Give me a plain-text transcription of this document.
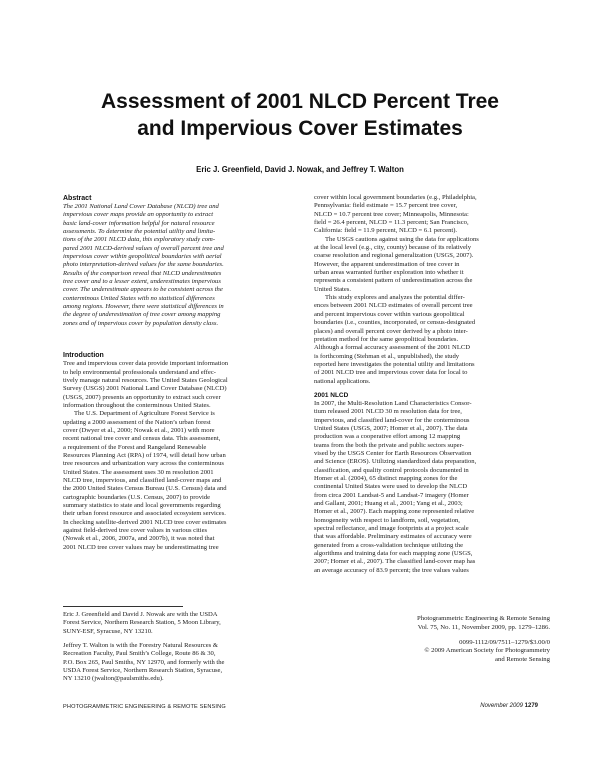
Assessment of 2001 NLCD Percent Tree
and Impervious Cover Estimates
Eric J. Greenfield, David J. Nowak, and Jeffrey T. Walton
Abstract
The 2001 National Land Cover Database (NLCD) tree and
impervious cover maps provide an opportunity to extract
basic land-cover information helpful for natural resource
assessments. To determine the potential utility and limita-
tions of the 2001 NLCD data, this exploratory study com-
pared 2001 NLCD-derived values of overall percent tree and
impervious cover within geopolitical boundaries with aerial
photo interpretation-derived values for the same boundaries.
Results of the comparison reveal that NLCD underestimates
tree cover and to a lesser extent, underestimates impervious
cover. The underestimate appears to be consistent across the
conterminous United States with no statistical differences
among regions. However, there were statistical differences in
the degree of underestimation of tree cover among mapping
zones and of impervious cover by population density class.
Introduction
Tree and impervious cover data provide important information
to help environmental professionals understand and effec-
tively manage natural resources. The United States Geological
Survey (USGS) 2001 National Land Cover Database (NLCD)
(USGS, 2007) presents an opportunity to extract such cover
information throughout the conterminous United States.
The U.S. Department of Agriculture Forest Service is
updating a 2000 assessment of the Nation’s urban forest
cover (Dwyer et al., 2000; Nowak et al., 2001) with more
recent national tree cover and census data. This assessment,
a requirement of the Forest and Rangeland Renewable
Resources Planning Act (RPA) of 1974, will detail how urban
tree resources and urbanization vary across the conterminous
United States. The assessment uses 30 m resolution 2001
NLCD tree, impervious, and classified land-cover maps and
the 2000 United States Census Bureau (U.S. Census) data and
cartographic boundaries (U.S. Census, 2007) to provide
summary statistics to state and local governments regarding
their urban forest resource and associated ecosystem services.
In checking satellite-derived 2001 NLCD tree cover estimates
against field-derived tree cover values in various cities
(Nowak et al., 2006, 2007a, and 2007b), it was noted that
2001 NLCD tree cover values may be underestimating tree
cover within local government boundaries (e.g., Philadelphia,
Pennsylvania: field estimate = 15.7 percent tree cover,
NLCD = 10.7 percent tree cover; Minneapolis, Minnesota:
field = 26.4 percent, NLCD = 11.3 percent; San Francisco,
California: field = 11.9 percent, NLCD = 6.1 percent).
The USGS cautions against using the data for applications
at the local level (e.g., city, county) because of its relatively
coarse resolution and regional generalization (USGS, 2007).
However, the apparent underestimation of tree cover in
urban areas warranted further exploration into whether it
represents a consistent pattern of underestimation across the
United States.
This study explores and analyzes the potential differ-
ences between 2001 NLCD estimates of overall percent tree
and percent impervious cover within various geopolitical
boundaries (i.e., counties, incorporated, or census-designated
places) and overall percent cover derived by a photo inter-
pretation method for the same geopolitical boundaries.
Although a formal accuracy assessment of the 2001 NLCD
is forthcoming (Stehman et al., unpublished), the study
reported here investigates the potential utility and limitations
of 2001 NLCD tree and impervious cover data for local to
national applications.
2001 NLCD
In 2007, the Multi-Resolution Land Characteristics Consor-
tium released 2001 NLCD 30 m resolution data for tree,
impervious, and classified land-cover for the conterminous
United States (USGS, 2007; Homer et al., 2007). The data
production was a cooperative effort among 12 mapping
teams from the both the private and public sectors super-
vised by the USGS Center for Earth Resources Observation
and Science (EROS). Utilizing standardized data preparation,
classification, and quality control protocols documented in
Homer et al. (2004), 65 distinct mapping zones for the
continental United States were used to develop the NLCD
from circa 2001 Landsat-5 and Landsat-7 imagery (Homer
and Gallant, 2001; Huang et al., 2001; Yang et al., 2003;
Homer et al., 2007). Each mapping zone represented relative
homogeneity with respect to landform, soil, vegetation,
spectral reflectance, and image footprints at a project scale
that was affordable. Preliminary estimates of accuracy were
generated from a cross-validation technique utilizing the
algorithms and training data for each mapping zone (USGS,
2007; Homer et al., 2007). The classified land-cover map has
an average accuracy of 83.9 percent; the tree values values
Eric J. Greenfield and David J. Nowak are with the USDA
Forest Service, Northern Research Station, 5 Moon Library,
SUNY-ESF, Syracuse, NY 13210.
Jeffrey T. Walton is with the Forestry Natural Resources &
Recreation Faculty, Paul Smith’s College, Route 86 & 30,
P.O. Box 265, Paul Smiths, NY 12970, and formerly with the
USDA Forest Service, Northern Research Station, Syracuse,
NY 13210 (jwalton@paulsmiths.edu).

Photogrammetric Engineering & Remote Sensing

Vol. 75, No. 11, November 2009, pp. 1279–1286.

0099-1112/09/7511–1279/$3.00/0

© 2009 American Society for Photogrammetry

and Remote Sensing

PHOTOGRAMMETRIC ENGINEERING & REMOTE SENSING	November 2009 1279
